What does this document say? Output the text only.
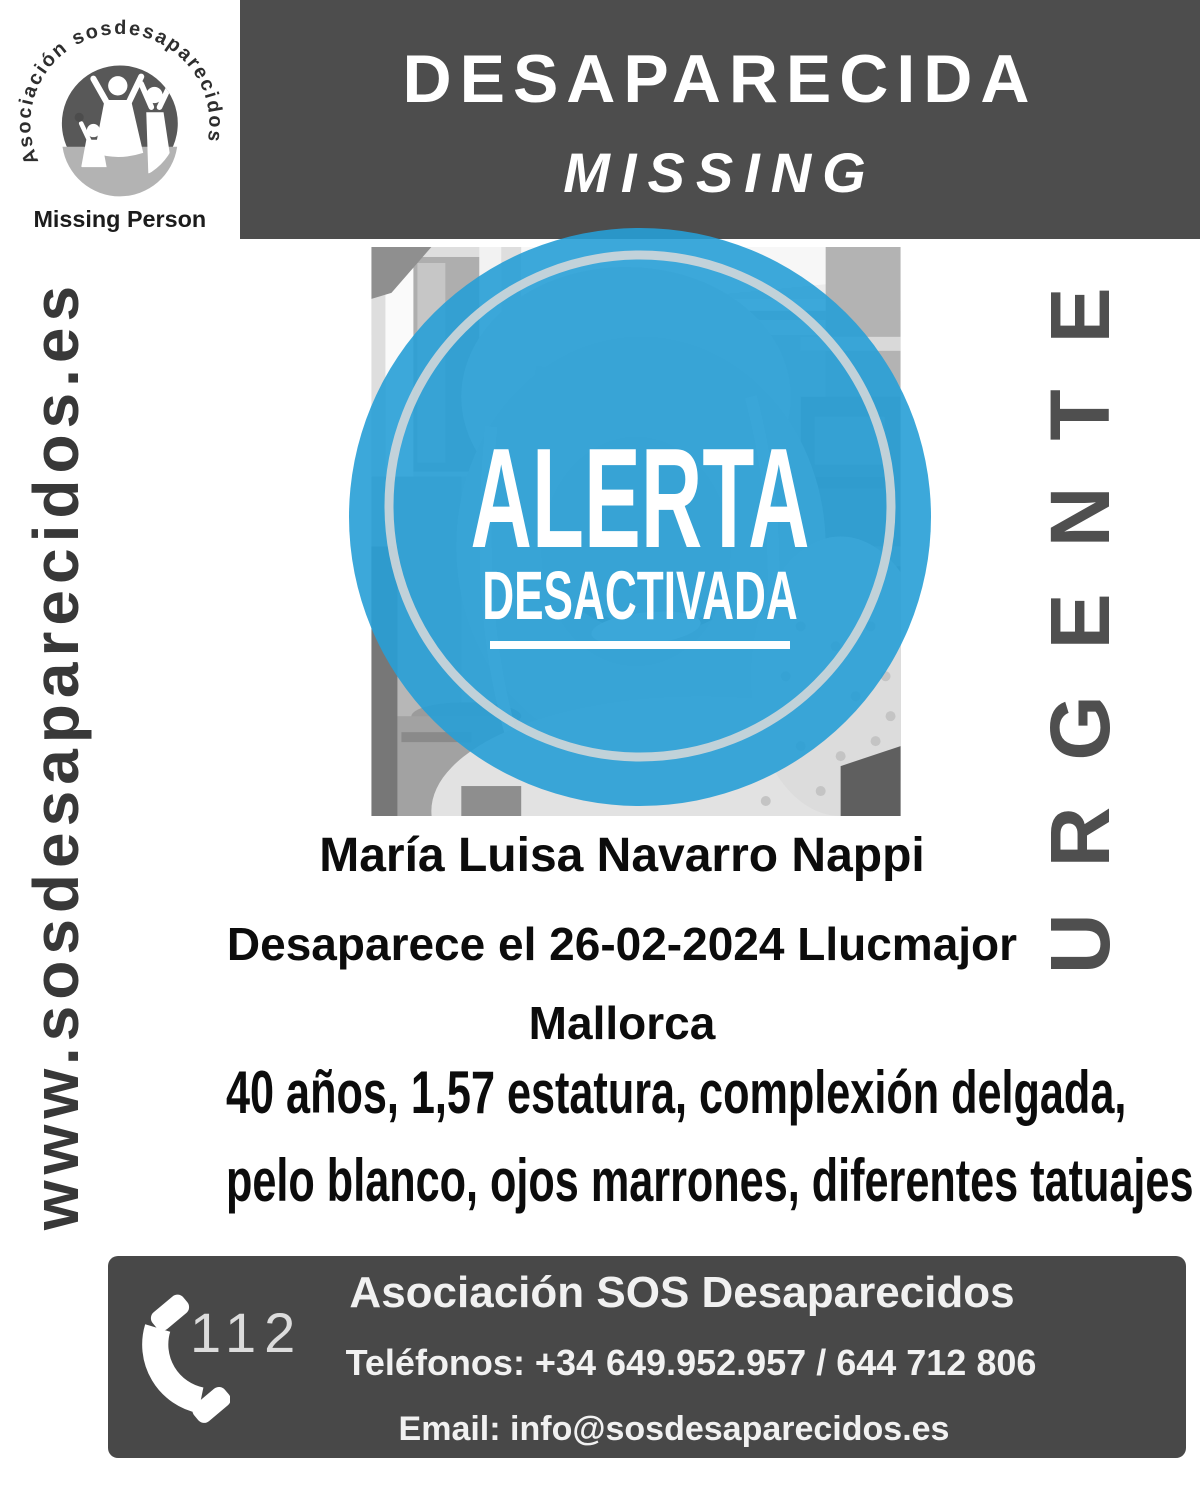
DESAPARECIDA
MISSING
Asociación sosdesaparecidos
Missing Person
www.sosdesaparecidos.es	URGENTE
ALERTA
DESACTIVADA
María Luisa Navarro Nappi
Desaparece el 26-02-2024 Llucmajor
Mallorca
40 años, 1,57 estatura, complexión delgada,
pelo blanco, ojos marrones, diferentes tatuajes
112
Asociación SOS Desaparecidos
Teléfonos: +34 649.952.957 / 644 712 806
Email: info@sosdesaparecidos.es
